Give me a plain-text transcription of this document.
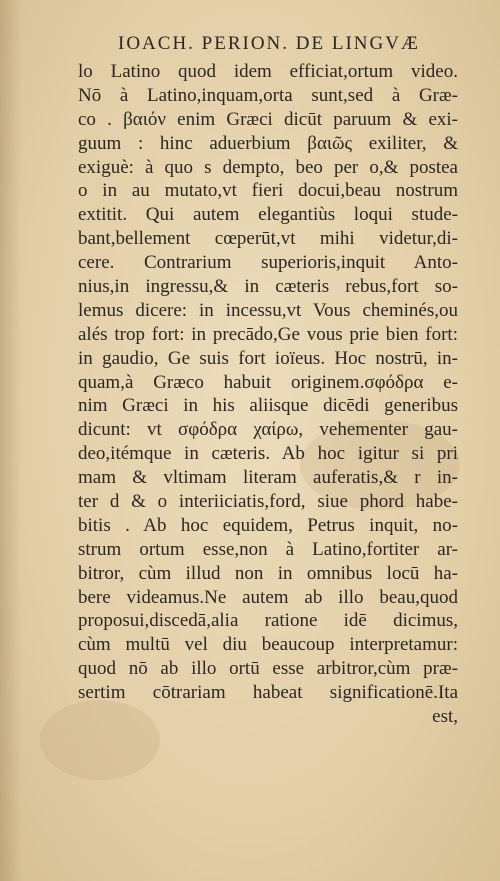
IOACH. PERION. DE LINGVÆ
lo Latino quod idem efficiat,ortum video.
Nō à Latino,inquam,orta sunt,sed à Græ-
co . βαιόν enim Græci dicūt paruum & exi-
guum : hinc aduerbium βαιῶς exiliter, &
exiguè: à quo s dempto, beo per o,& postea
o in au mutato,vt fieri docui,beau nostrum
extitit. Qui autem elegantiùs loqui stude-
bant,bellement cœperūt,vt mihi videtur,di-
cere. Contrarium superioris,inquit Anto-
nius,in ingressu,& in cæteris rebus,fort so-
lemus dicere: in incessu,vt Vous cheminés,ou
alés trop fort: in precādo,Ge vous prie bien fort:
in gaudio, Ge suis fort ioïeus. Hoc nostrū, in-
quam,à Græco habuit originem.σφόδρα e-
nim Græci in his aliisque dicēdi generibus
dicunt: vt σφόδρα χαίρω, vehementer gau-
deo,itémque in cæteris. Ab hoc igitur si pri
mam & vltimam literam auferatis,& r in-
ter d & o interiiciatis,ford, siue phord habe-
bitis . Ab hoc equidem, Petrus inquit, no-
strum ortum esse,non à Latino,fortiter ar-
bitror, cùm illud non in omnibus locū ha-
bere videamus.Ne autem ab illo beau,quod
proposui,discedā,alia ratione idē dicimus,
cùm multū vel diu beaucoup interpretamur:
quod nō ab illo ortū esse arbitror,cùm præ-
sertim cōtrariam habeat significationē.Ita
est,
